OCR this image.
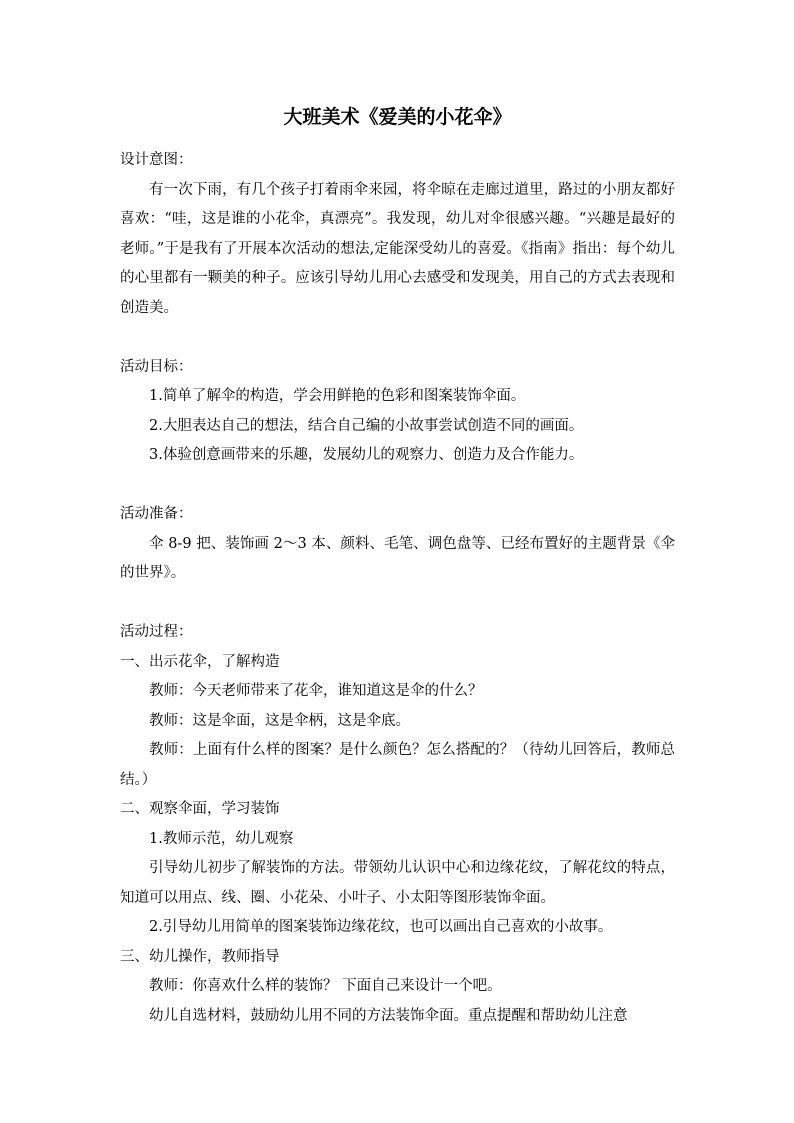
大班美术《爱美的小花伞》

设计意图：

有一次下雨，有几个孩子打着雨伞来园，将伞晾在走廊过道里，路过的小朋友都好喜欢：“哇，这是谁的小花伞，真漂亮”。我发现，幼儿对伞很感兴趣。“兴趣是最好的老师。”于是我有了开展本次活动的想法,定能深受幼儿的喜爱。《指南》指出：每个幼儿的心里都有一颗美的种子。应该引导幼儿用心去感受和发现美，用自己的方式去表现和创造美。

活动目标：

1.简单了解伞的构造，学会用鲜艳的色彩和图案装饰伞面。

2.大胆表达自己的想法，结合自己编的小故事尝试创造不同的画面。

3.体验创意画带来的乐趣，发展幼儿的观察力、创造力及合作能力。

活动准备：

伞 8-9 把、装饰画 2～3 本、颜料、毛笔、调色盘等、已经布置好的主题背景《伞的世界》。

活动过程：

一、出示花伞，了解构造

教师：今天老师带来了花伞，谁知道这是伞的什么？

教师：这是伞面，这是伞柄，这是伞底。

教师：上面有什么样的图案？是什么颜色？怎么搭配的？（待幼儿回答后，教师总结。）

二、观察伞面，学习装饰

1.教师示范，幼儿观察

引导幼儿初步了解装饰的方法。带领幼儿认识中心和边缘花纹，了解花纹的特点，知道可以用点、线、圈、小花朵、小叶子、小太阳等图形装饰伞面。

2.引导幼儿用简单的图案装饰边缘花纹，也可以画出自己喜欢的小故事。

三、幼儿操作，教师指导

教师：你喜欢什么样的装饰？ 下面自己来设计一个吧。

幼儿自选材料，鼓励幼儿用不同的方法装饰伞面。重点提醒和帮助幼儿注意
